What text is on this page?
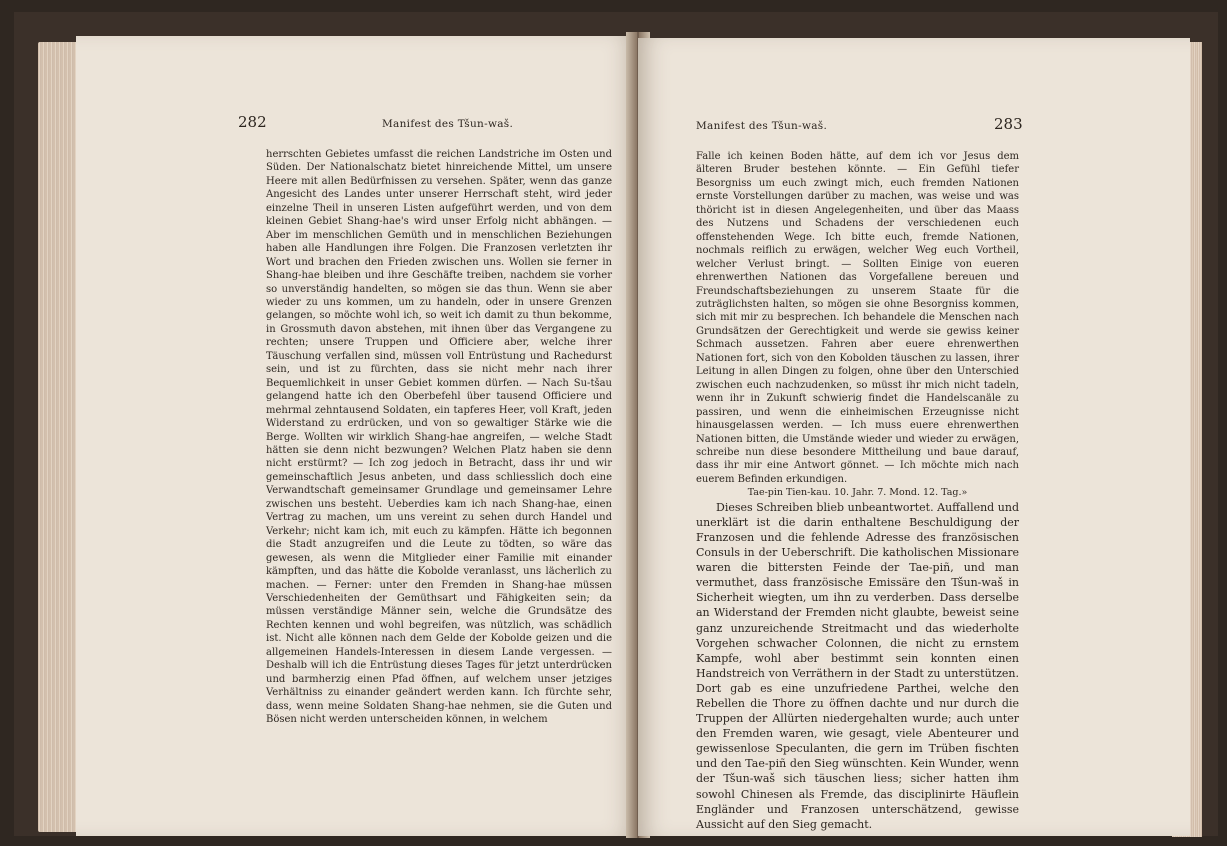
282	Manifest des Tšun-waš.

herrschten Gebietes umfasst die reichen Landstriche im Osten und Süden. Der Nationalschatz bietet hinreichende Mittel, um unsere Heere mit allen Bedürfnissen zu versehen. Später, wenn das ganze Angesicht des Landes unter unserer Herrschaft steht, wird jeder einzelne Theil in unseren Listen aufgeführt werden, und von dem kleinen Gebiet Shang-hae's wird unser Erfolg nicht abhängen. — Aber im menschlichen Gemüth und in menschlichen Beziehungen haben alle Handlungen ihre Folgen. Die Franzosen verletzten ihr Wort und brachen den Frieden zwischen uns. Wollen sie ferner in Shang-hae bleiben und ihre Geschäfte treiben, nachdem sie vorher so unverständig handelten, so mögen sie das thun. Wenn sie aber wieder zu uns kommen, um zu handeln, oder in unsere Grenzen gelangen, so möchte wohl ich, so weit ich damit zu thun bekomme, in Grossmuth davon abstehen, mit ihnen über das Vergangene zu rechten; unsere Truppen und Officiere aber, welche ihrer Täuschung verfallen sind, müssen voll Entrüstung und Rachedurst sein, und ist zu fürchten, dass sie nicht mehr nach ihrer Bequemlichkeit in unser Gebiet kommen dürfen. — Nach Su-tšau gelangend hatte ich den Oberbefehl über tausend Officiere und mehrmal zehntausend Soldaten, ein tapferes Heer, voll Kraft, jeden Widerstand zu erdrücken, und von so gewaltiger Stärke wie die Berge. Wollten wir wirklich Shang-hae angreifen, — welche Stadt hätten sie denn nicht bezwungen? Welchen Platz haben sie denn nicht erstürmt? — Ich zog jedoch in Betracht, dass ihr und wir gemeinschaftlich Jesus anbeten, und dass schliesslich doch eine Verwandtschaft gemeinsamer Grundlage und gemeinsamer Lehre zwischen uns besteht. Ueberdies kam ich nach Shang-hae, einen Vertrag zu machen, um uns vereint zu sehen durch Handel und Verkehr; nicht kam ich, mit euch zu kämpfen. Hätte ich begonnen die Stadt anzugreifen und die Leute zu tödten, so wäre das gewesen, als wenn die Mitglieder einer Familie mit einander kämpften, und das hätte die Kobolde veranlasst, uns lächerlich zu machen. — Ferner: unter den Fremden in Shang-hae müssen Verschiedenheiten der Gemüthsart und Fähigkeiten sein; da müssen verständige Männer sein, welche die Grundsätze des Rechten kennen und wohl begreifen, was nützlich, was schädlich ist. Nicht alle können nach dem Gelde der Kobolde geizen und die allgemeinen Handels-Interessen in diesem Lande vergessen. — Deshalb will ich die Entrüstung dieses Tages für jetzt unterdrücken und barmherzig einen Pfad öffnen, auf welchem unser jetziges Verhältniss zu einander geändert werden kann. Ich fürchte sehr, dass, wenn meine Soldaten Shang-hae nehmen, sie die Guten und Bösen nicht werden unterscheiden können, in welchem

Manifest des Tšun-waš.	283

Falle ich keinen Boden hätte, auf dem ich vor Jesus dem älteren Bruder bestehen könnte. — Ein Gefühl tiefer Besorgniss um euch zwingt mich, euch fremden Nationen ernste Vorstellungen darüber zu machen, was weise und was thöricht ist in diesen Angelegenheiten, und über das Maass des Nutzens und Schadens der verschiedenen euch offenstehenden Wege. Ich bitte euch, fremde Nationen, nochmals reiflich zu erwägen, welcher Weg euch Vortheil, welcher Verlust bringt. — Sollten Einige von eueren ehrenwerthen Nationen das Vorgefallene bereuen und Freundschaftsbeziehungen zu unserem Staate für die zuträglichsten halten, so mögen sie ohne Besorgniss kommen, sich mit mir zu besprechen. Ich behandele die Menschen nach Grundsätzen der Gerechtigkeit und werde sie gewiss keiner Schmach aussetzen. Fahren aber euere ehrenwerthen Nationen fort, sich von den Kobolden täuschen zu lassen, ihrer Leitung in allen Dingen zu folgen, ohne über den Unterschied zwischen euch nachzudenken, so müsst ihr mich nicht tadeln, wenn ihr in Zukunft schwierig findet die Handelscanäle zu passiren, und wenn die einheimischen Erzeugnisse nicht hinausgelassen werden. — Ich muss euere ehrenwerthen Nationen bitten, die Umstände wieder und wieder zu erwägen, schreibe nun diese besondere Mittheilung und baue darauf, dass ihr mir eine Antwort gönnet. — Ich möchte mich nach euerem Befinden erkundigen.

Tae-pin Tien-kau. 10. Jahr. 7. Mond. 12. Tag.»

Dieses Schreiben blieb unbeantwortet. Auffallend und unerklärt ist die darin enthaltene Beschuldigung der Franzosen und die fehlende Adresse des französischen Consuls in der Ueberschrift. Die katholischen Missionare waren die bittersten Feinde der Tae-piñ, und man vermuthet, dass französische Emissäre den Tšun-waš in Sicherheit wiegten, um ihn zu verderben. Dass derselbe an Widerstand der Fremden nicht glaubte, beweist seine ganz unzureichende Streitmacht und das wiederholte Vorgehen schwacher Colonnen, die nicht zu ernstem Kampfe, wohl aber bestimmt sein konnten einen Handstreich von Verräthern in der Stadt zu unterstützen. Dort gab es eine unzufriedene Parthei, welche den Rebellen die Thore zu öffnen dachte und nur durch die Truppen der Allürten niedergehalten wurde; auch unter den Fremden waren, wie gesagt, viele Abenteurer und gewissenlose Speculanten, die gern im Trüben fischten und den Tae-piñ den Sieg wünschten. Kein Wunder, wenn der Tšun-waš sich täuschen liess; sicher hatten ihm sowohl Chinesen als Fremde, das disciplinirte Häuflein Engländer und Franzosen unterschätzend, gewisse Aussicht auf den Sieg gemacht.
